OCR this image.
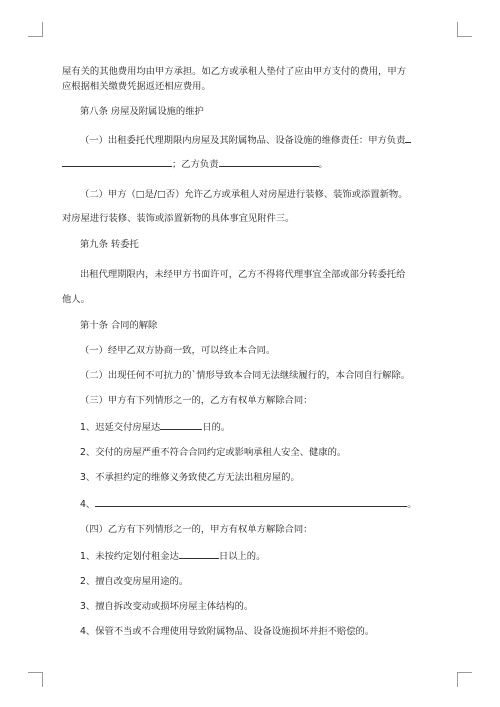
屋有关的其他费用均由甲方承担。如乙方或承租人垫付了应由甲方支付的费用，甲方
应根据相关缴费凭据返还相应费用。
第八条 房屋及附属设施的维护
（一）出租委托代理期限内房屋及其附属物品、设备设施的维修责任：甲方负责
；乙方负责	。
（二）甲方（□是/□否）允许乙方或承租人对房屋进行装修、装饰或添置新物。
对房屋进行装修、装饰或添置新物的具体事宜见附件三。
第九条 转委托
出租代理期限内，未经甲方书面许可，乙方不得将代理事宜全部或部分转委托给
他人。
第十条 合同的解除
（一）经甲乙双方协商一致，可以终止本合同。
（二）出现任何不可抗力的`情形导致本合同无法继续履行的，本合同自行解除。
（三）甲方有下列情形之一的，乙方有权单方解除合同：
1、迟延交付房屋达	日的。
2、交付的房屋严重不符合合同约定或影响承租人安全、健康的。
3、不承担约定的维修义务致使乙方无法出租房屋的。
4、	。
（四）乙方有下列情形之一的，甲方有权单方解除合同：
1、未按约定划付租金达	日以上的。
2、擅自改变房屋用途的。
3、擅自拆改变动或损坏房屋主体结构的。
4、保管不当或不合理使用导致附属物品、设备设施损坏并拒不赔偿的。
